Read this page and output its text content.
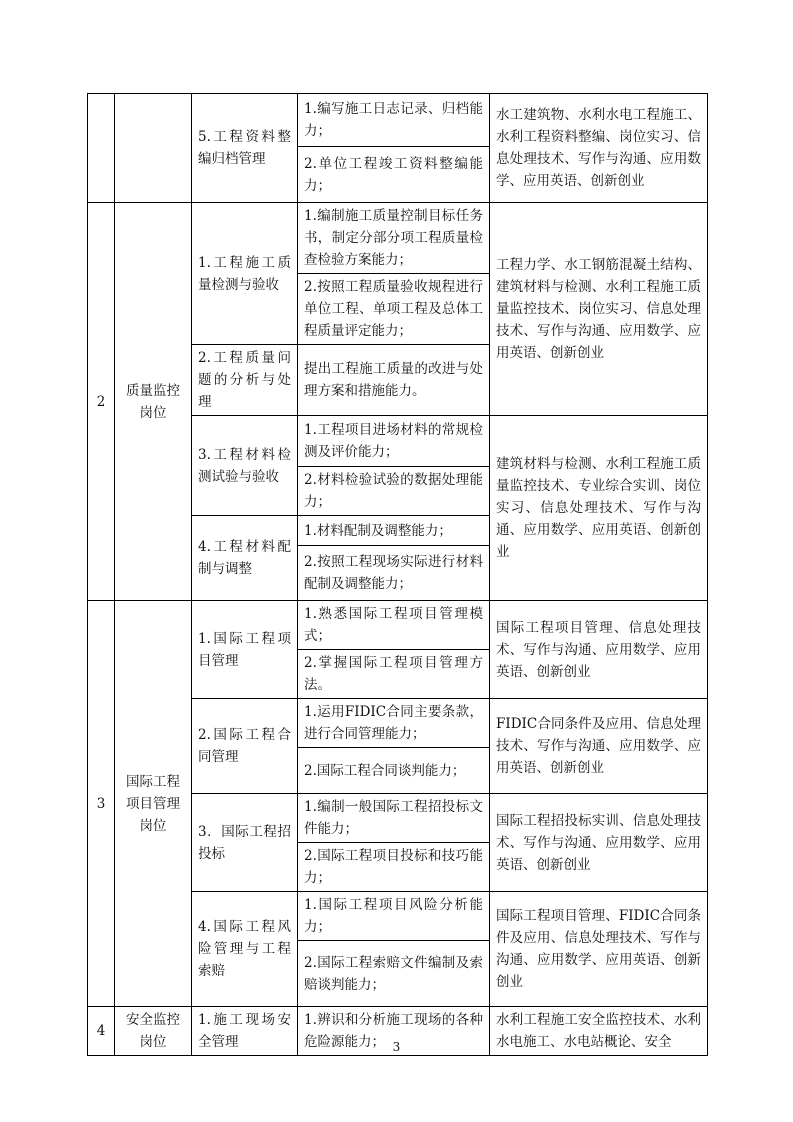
		5.工程资料整编归档管理	1.编写施工日志记录、归档能力；	水工建筑物、水利水电工程施工、水利工程资料整编、岗位实习、信息处理技术、写作与沟通、应用数学、应用英语、创新创业
			2.单位工程竣工资料整编能力；	
2	质量监控岗位	1.工程施工质量检测与验收	1.编制施工质量控制目标任务书，制定分部分项工程质量检查检验方案能力；	工程力学、水工钢筋混凝土结构、建筑材料与检测、水利工程施工质量监控技术、岗位实习、信息处理技术、写作与沟通、应用数学、应用英语、创新创业
			2.按照工程质量验收规程进行单位工程、单项工程及总体工程质量评定能力；	
		2.工程质量问题的分析与处理	提出工程施工质量的改进与处理方案和措施能力。	
		3.工程材料检测试验与验收	1.工程项目进场材料的常规检测及评价能力；	建筑材料与检测、水利工程施工质量监控技术、专业综合实训、岗位实习、信息处理技术、写作与沟通、应用数学、应用英语、创新创业
			2.材料检验试验的数据处理能力；	
		4.工程材料配制与调整	1.材料配制及调整能力；	
			2.按照工程现场实际进行材料配制及调整能力；	

3	国际工程项目管理岗位	1.国际工程项目管理	1.熟悉国际工程项目管理模式；	国际工程项目管理、信息处理技术、写作与沟通、应用数学、应用英语、创新创业
			2.掌握国际工程项目管理方法。	
		2.国际工程合同管理	1.运用FIDIC合同主要条款，进行合同管理能力；	FIDIC合同条件及应用、信息处理技术、写作与沟通、应用数学、应用英语、创新创业
			2.国际工程合同谈判能力；	
		3．国际工程招投标	1.编制一般国际工程招投标文件能力；	国际工程招投标实训、信息处理技术、写作与沟通、应用数学、应用英语、创新创业
			2.国际工程项目投标和技巧能力；	
		4.国际工程风险管理与工程索赔	1.国际工程项目风险分析能力；	国际工程项目管理、FIDIC合同条件及应用、信息处理技术、写作与沟通、应用数学、应用英语、创新创业
			2.国际工程索赔文件编制及索赔谈判能力；	
4	安全监控岗位	1.施工现场安全管理	1.辨识和分析施工现场的各种危险源能力；	水利工程施工安全监控技术、水利水电施工、水电站概论、安全
3
